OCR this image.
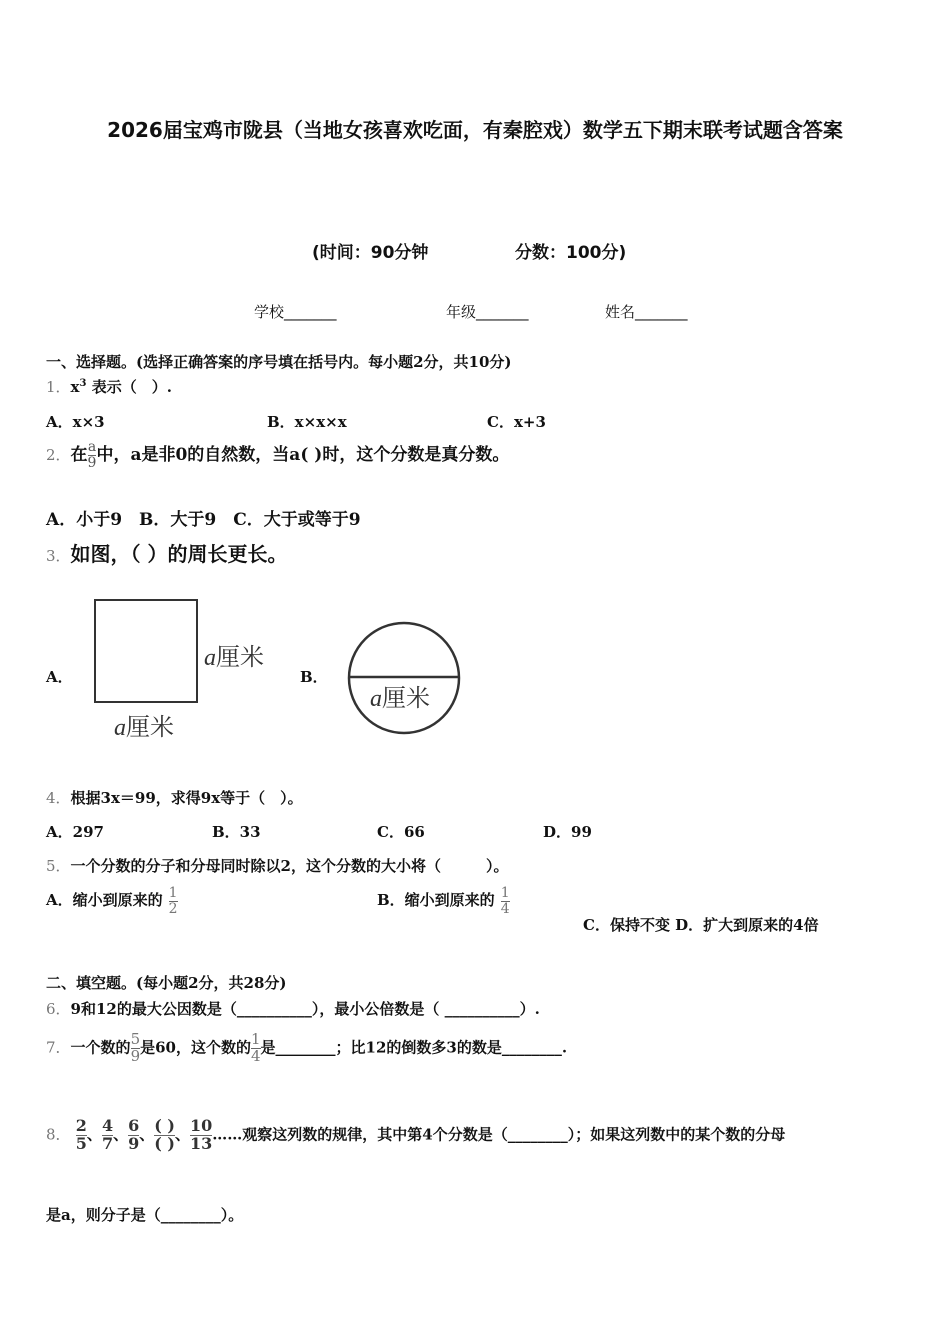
2026届宝鸡市陇县（当地女孩喜欢吃面，有秦腔戏）数学五下期末联考试题含答案
(时间：90分钟	分数：100分)
学校_______	年级_______	姓名_______
一、选择题。(选择正确答案的序号填在括号内。每小题2分，共10分)
1．$x^3$ 表示（　）.
A．x×3	B．x×x×x	C．x+3
2．在 $\frac{a}{9}$ 中，a是非0的自然数，当a( )时，这个分数是真分数。
A．小于9　B．大于9　C．大于或等于9
3．如图，（ ）的周长更长。
A．	B．
a厘米
a厘米
a厘米
4．根据3x＝99，求得9x等于（　）。
A．297	B．33	C．66	D．99
5．一个分数的分子和分母同时除以2，这个分数的大小将（　　　）。
A．缩小到原来的 $\frac{1}{2}$	B．缩小到原来的 $\frac{1}{4}$
C．保持不变 D．扩大到原来的4倍
二、填空题。(每小题2分，共28分)
6．9和12的最大公因数是（__________），最小公倍数是（ __________）.
7．一个数的 $\frac{5}{9}$ 是60，这个数的 $\frac{1}{4}$ 是________；比12的倒数多3的数是________.
8． $\frac{2}{5}$ 、 $\frac{4}{7}$ 、 $\frac{6}{9}$ 、 $\frac{( )}{( )}$ 、 $\frac{10}{13}$ ……观察这列数的规律，其中第4个分数是（________）；如果这列数中的某个数的分母
是a，则分子是（________）。
